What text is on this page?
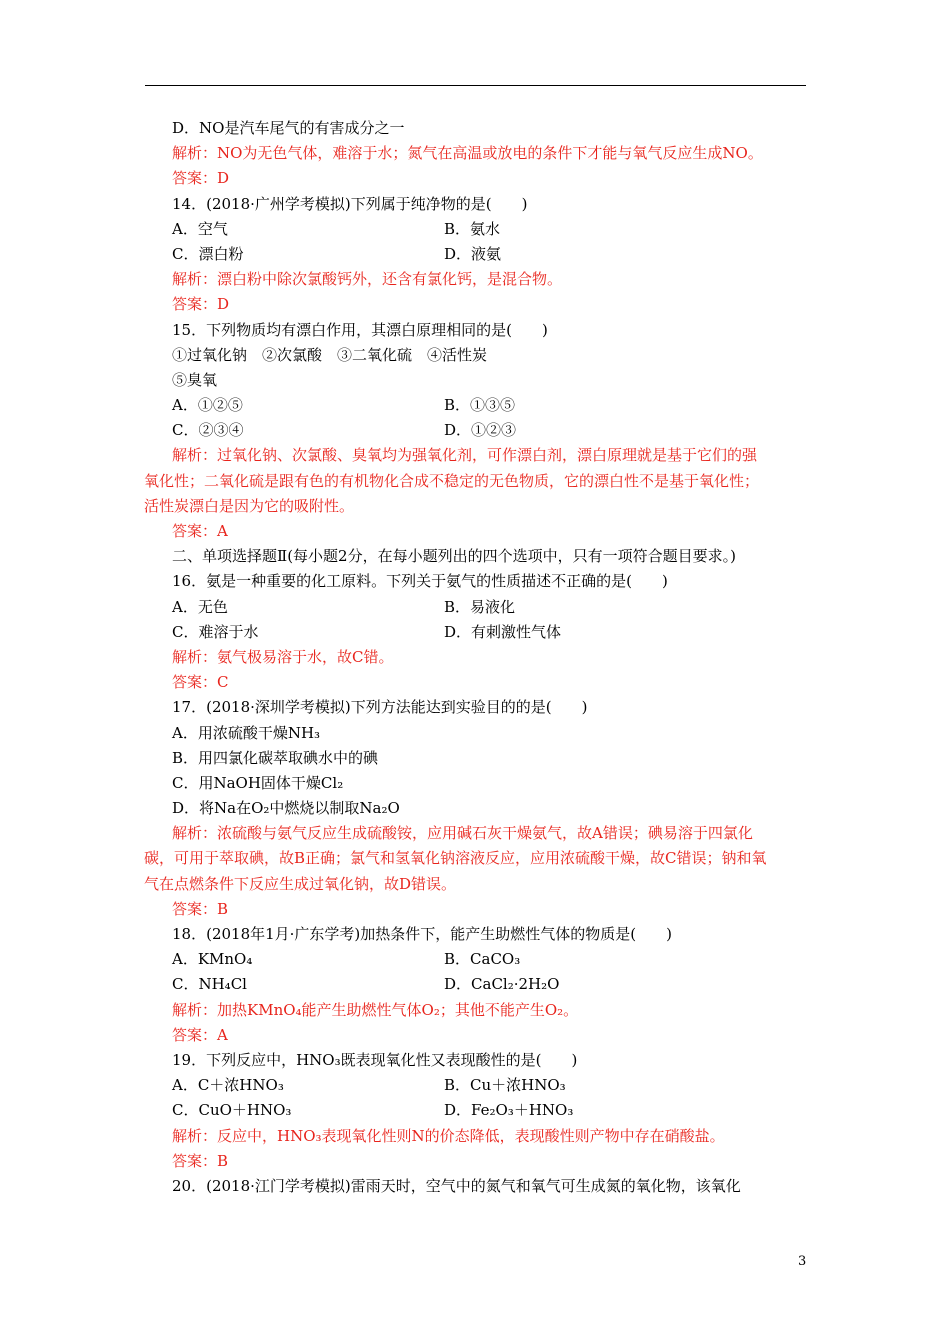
D．NO是汽车尾气的有害成分之一
解析：NO为无色气体，难溶于水；氮气在高温或放电的条件下才能与氧气反应生成NO。
答案：D
14．(2018·广州学考模拟)下列属于纯净物的是(　　)
A．空气	B．氨水
C．漂白粉	D．液氨
解析：漂白粉中除次氯酸钙外，还含有氯化钙，是混合物。
答案：D
15．下列物质均有漂白作用，其漂白原理相同的是(　　)
①过氧化钠　②次氯酸　③二氧化硫　④活性炭
⑤臭氧
A．①②⑤	B．①③⑤
C．②③④	D．①②③
解析：过氧化钠、次氯酸、臭氧均为强氧化剂，可作漂白剂，漂白原理就是基于它们的强
氧化性；二氧化硫是跟有色的有机物化合成不稳定的无色物质，它的漂白性不是基于氧化性；
活性炭漂白是因为它的吸附性。
答案：A
二、单项选择题Ⅱ(每小题2分，在每小题列出的四个选项中，只有一项符合题目要求。)
16．氨是一种重要的化工原料。下列关于氨气的性质描述不正确的是(　　)
A．无色	B．易液化
C．难溶于水	D．有刺激性气体
解析：氨气极易溶于水，故C错。
答案：C
17．(2018·深圳学考模拟)下列方法能达到实验目的的是(　　)
A．用浓硫酸干燥NH₃
B．用四氯化碳萃取碘水中的碘
C．用NaOH固体干燥Cl₂
D．将Na在O₂中燃烧以制取Na₂O
解析：浓硫酸与氨气反应生成硫酸铵，应用碱石灰干燥氨气，故A错误；碘易溶于四氯化
碳，可用于萃取碘，故B正确；氯气和氢氧化钠溶液反应，应用浓硫酸干燥，故C错误；钠和氧
气在点燃条件下反应生成过氧化钠，故D错误。
答案：B
18．(2018年1月·广东学考)加热条件下，能产生助燃性气体的物质是(　　)
A．KMnO₄	B．CaCO₃
C．NH₄Cl	D．CaCl₂·2H₂O
解析：加热KMnO₄能产生助燃性气体O₂；其他不能产生O₂。
答案：A
19．下列反应中，HNO₃既表现氧化性又表现酸性的是(　　)
A．C＋浓HNO₃	B．Cu＋浓HNO₃
C．CuO＋HNO₃	D．Fe₂O₃＋HNO₃
解析：反应中，HNO₃表现氧化性则N的价态降低，表现酸性则产物中存在硝酸盐。
答案：B
20．(2018·江门学考模拟)雷雨天时，空气中的氮气和氧气可生成氮的氧化物，该氧化
3
